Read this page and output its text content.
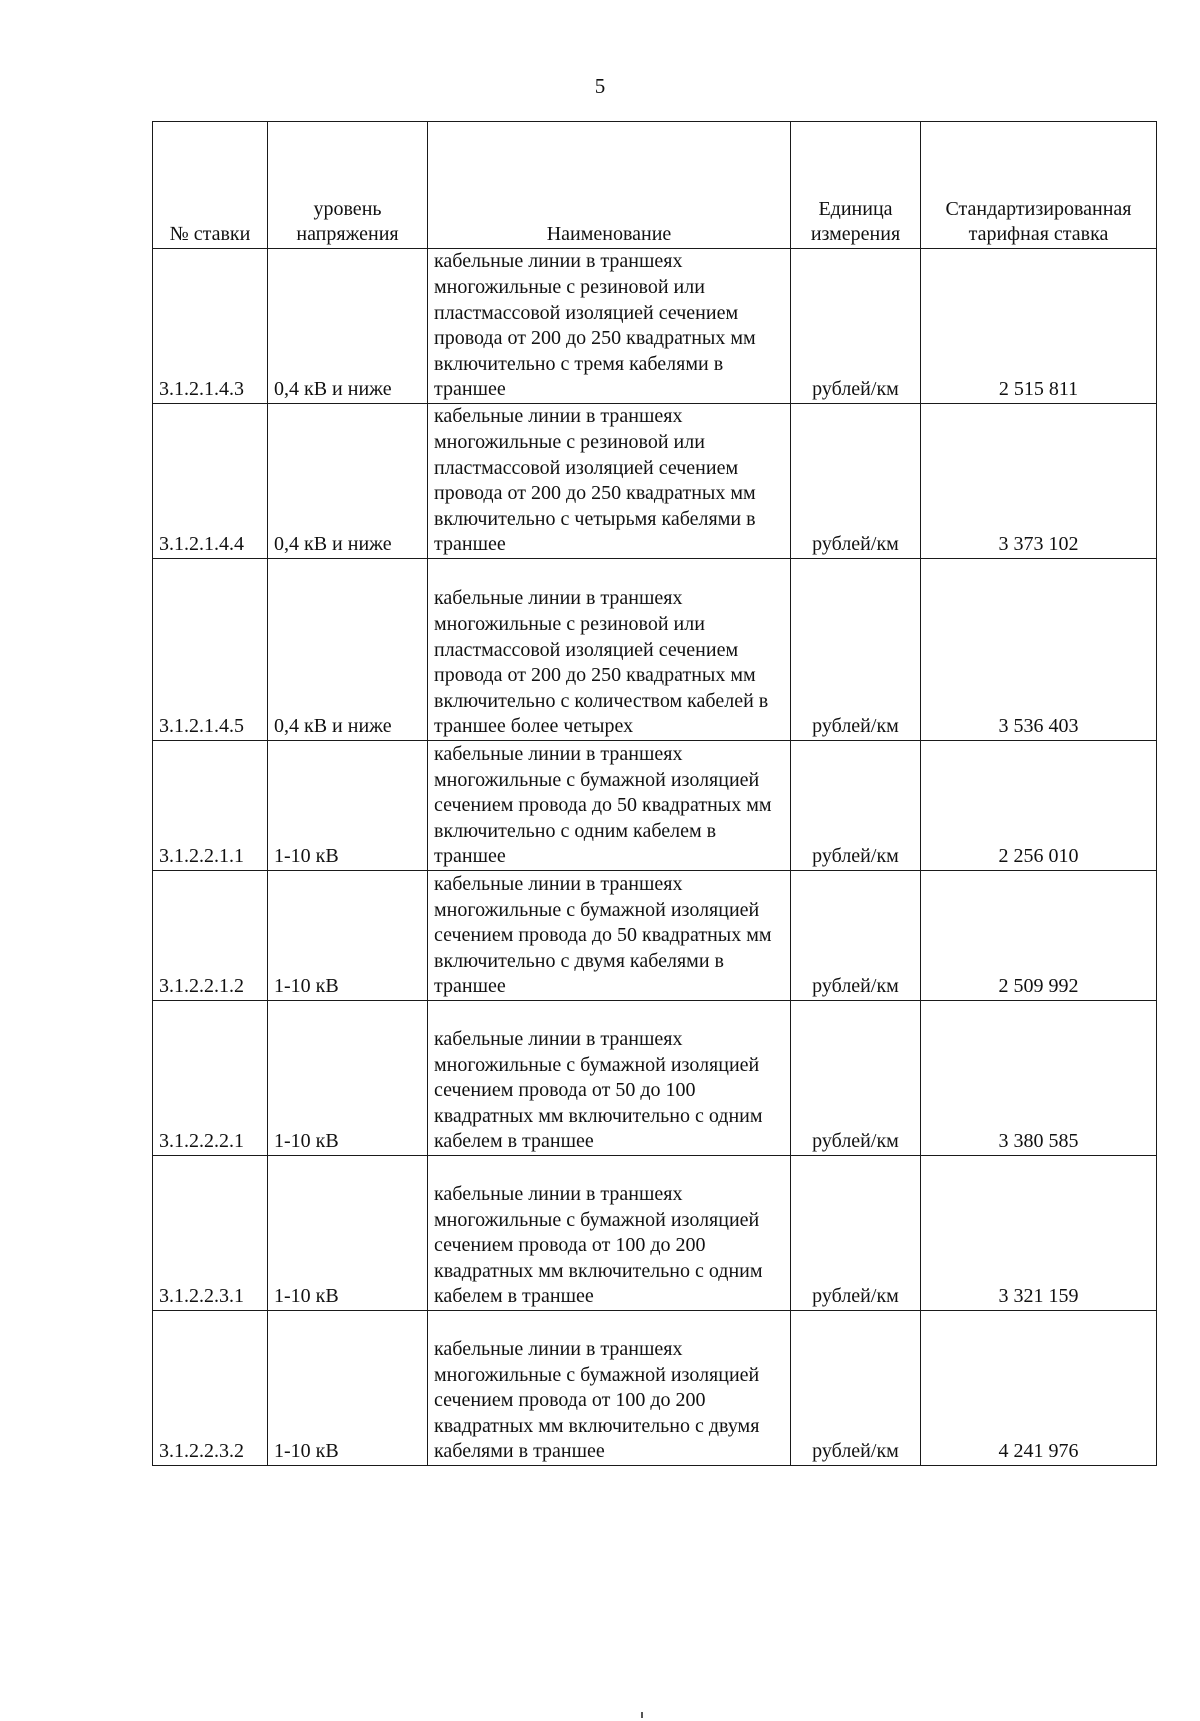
5
№ ставки	уровень напряжения	Наименование	Единица измерения	Стандартизированная тарифная ставка
3.1.2.1.4.3	0,4 кВ и ниже	кабельные линии в траншеях многожильные с резиновой или пластмассовой изоляцией сечением провода от 200 до 250 квадратных мм включительно с тремя кабелями в траншее	рублей/км	2 515 811
3.1.2.1.4.4	0,4 кВ и ниже	кабельные линии в траншеях многожильные с резиновой или пластмассовой изоляцией сечением провода от 200 до 250 квадратных мм включительно с четырьмя кабелями в траншее	рублей/км	3 373 102
3.1.2.1.4.5	0,4 кВ и ниже	кабельные линии в траншеях многожильные с резиновой или пластмассовой изоляцией сечением провода от 200 до 250 квадратных мм включительно с количеством кабелей в траншее более четырех	рублей/км	3 536 403
3.1.2.2.1.1	1-10 кВ	кабельные линии в траншеях многожильные с бумажной изоляцией сечением провода до 50 квадратных мм включительно с одним кабелем в траншее	рублей/км	2 256 010
3.1.2.2.1.2	1-10 кВ	кабельные линии в траншеях многожильные с бумажной изоляцией сечением провода до 50 квадратных мм включительно с двумя кабелями в траншее	рублей/км	2 509 992
3.1.2.2.2.1	1-10 кВ	кабельные линии в траншеях многожильные с бумажной изоляцией сечением провода от 50 до 100 квадратных мм включительно с одним кабелем в траншее	рублей/км	3 380 585
3.1.2.2.3.1	1-10 кВ	кабельные линии в траншеях многожильные с бумажной изоляцией сечением провода от 100 до 200 квадратных мм включительно с одним кабелем в траншее	рублей/км	3 321 159
3.1.2.2.3.2	1-10 кВ	кабельные линии в траншеях многожильные с бумажной изоляцией сечением провода от 100 до 200 квадратных мм включительно с двумя кабелями в траншее	рублей/км	4 241 976
